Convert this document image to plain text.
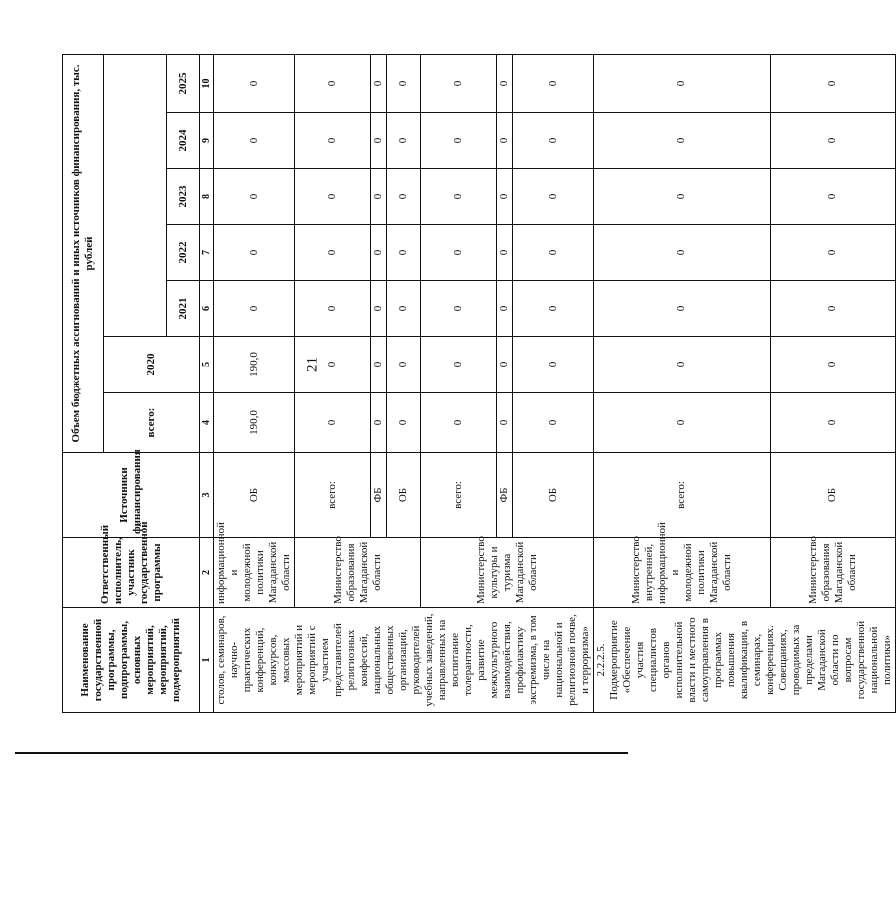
21
Наименование государственной программы, подпрограммы, основных мероприятий, мероприятий, подмероприятий	Ответственный исполнитель, участник государственной программы	Источники финансирования	Объем бюджетных ассигнований и иных источников финансирования, тыс. рублей						
			всего:	2020					
					2021	2022	2023	2024	2025
1	2	3	4	5	6	7	8	9	10
столов, семинаров, научно-практических конференций, конкурсов, массовых мероприятий и мероприятий с участием представителей религиозных конфессий, национальных общественных организаций, руководителей учебных заведений, направленных на воспитание толерантности, развитие межкультурного взаимодействия, профилактику экстремизма, в том числе на национальной и религиозной почве, и терроризма»	информационной и молодежной политики Магаданской области	ОБ	190,0	190,0	0	0	0	0	0
	Министерство образования Магаданской области	всего:	0	0	0	0	0	0	0
		ФБ	0	0	0	0	0	0	0
		ОБ	0	0	0	0	0	0	0
	Министерство культуры и туризма Магаданской области	всего:	0	0	0	0	0	0	0
		ФБ	0	0	0	0	0	0	0
		ОБ	0	0	0	0	0	0	0
2.2.2.5. Подмероприятие «Обеспечение участия специалистов органов исполнительной власти и местного самоуправления в программах повышения квалификации, в семинарах, конференциях. Совещаниях, проводимых за пределами Магаданской области по вопросам государственной национальной политики»	Министерство внутренней, информационной и молодежной политики Магаданской области	всего:	0	0	0	0	0	0	0
	Министерство образования Магаданской области	ОБ	0	0	0	0	0	0	0
